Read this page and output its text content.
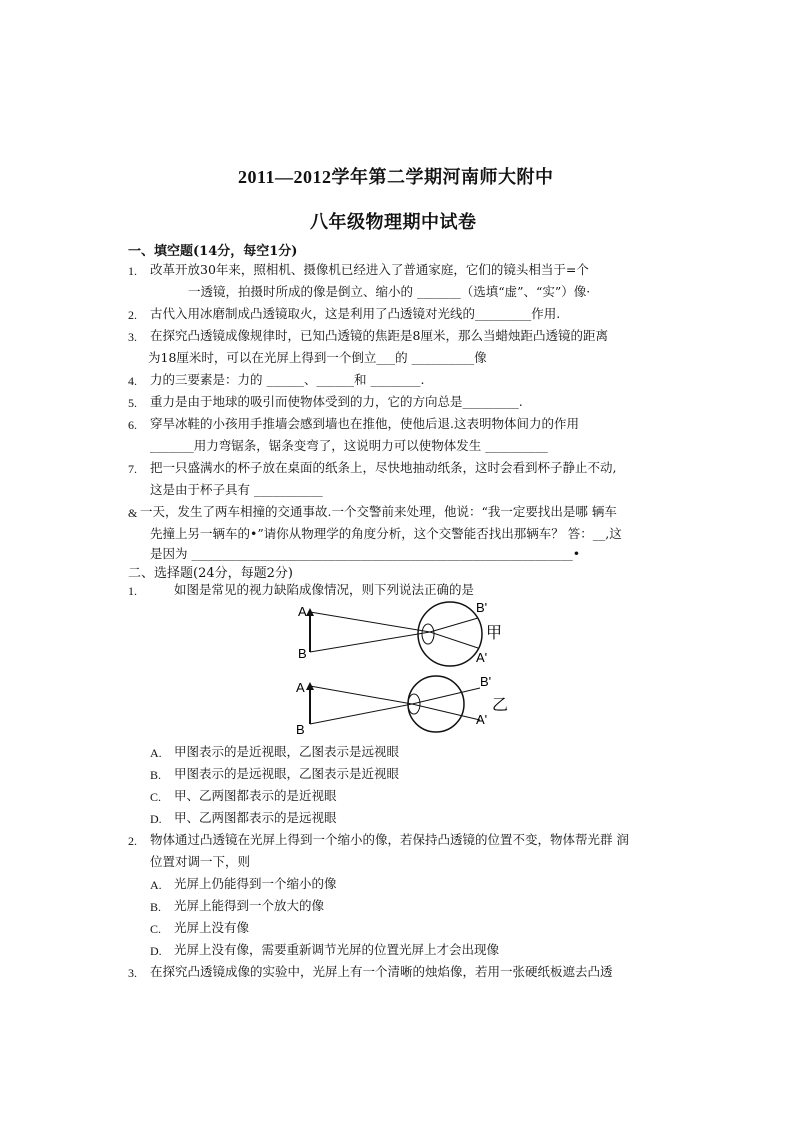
2011—2012学年第二学期河南师大附中
八年级物理期中试卷
一、填空题(14分，每空1分)
1. 改革开放30年来，照相机、摄像机已经进入了普通家庭，它们的镜头相当于=个
一透镜，拍摄时所成的像是倒立、缩小的 _______（选填“虚”、“实”）像·
2. 古代入用冰磨制成凸透镜取火，这是利用了凸透镜对光线的_________作用.
3. 在探究凸透镜成像规律时，已知凸透镜的焦距是8厘米，那么当蜡烛距凸透镜的距离
为18厘米时，可以在光屏上得到一个倒立___的 __________像
4. 力的三要素是：力的 ______、______和 ________.
5. 重力是由于地球的吸引而使物体受到的力，它的方向总是_________.
6. 穿旱冰鞋的小孩用手推墙会感到墙也在推他，使他后退.这表明物体间力的作用
_______用力弯锯条，锯条变弯了，这说明力可以使物体发生 __________
7. 把一只盛满水的杯子放在桌面的纸条上，尽快地抽动纸条，这时会看到杯子静止不动,
这是由于杯子具有 ___________
& 一天，发生了两车相撞的交通事故.一个交警前来处理，他说：“我一定要找出是哪 辆车
先撞上另一辆车的•”请你从物理学的角度分析，这个交警能否找出那辆车？ 答：__,这
是因为 _____________________________________________________________•
二、选择题(24分，每题2分)
1.	如图是常见的视力缺陷成像情况，则下列说法正确的是
A
B
B'
A'
甲
A
B
B'
A'
乙
A. 甲图表示的是近视眼，乙图表示是远视眼
B. 甲图表示的是远视眼，乙图表示是近视眼
C. 甲、乙两图都表示的是近视眼
D. 甲、乙两图都表示的是远视眼
2. 物体通过凸透镜在光屏上得到一个缩小的像，若保持凸透镜的位置不变，物体帮光群 润
位置对调一下，则
A. 光屏上仍能得到一个缩小的像
B. 光屏上能得到一个放大的像
C. 光屏上没有像
D. 光屏上没有像，需要重新调节光屏的位置光屏上才会出现像
3. 在探究凸透镜成像的实验中，光屏上有一个清晰的烛焰像，若用一张硬纸板遮去凸透
